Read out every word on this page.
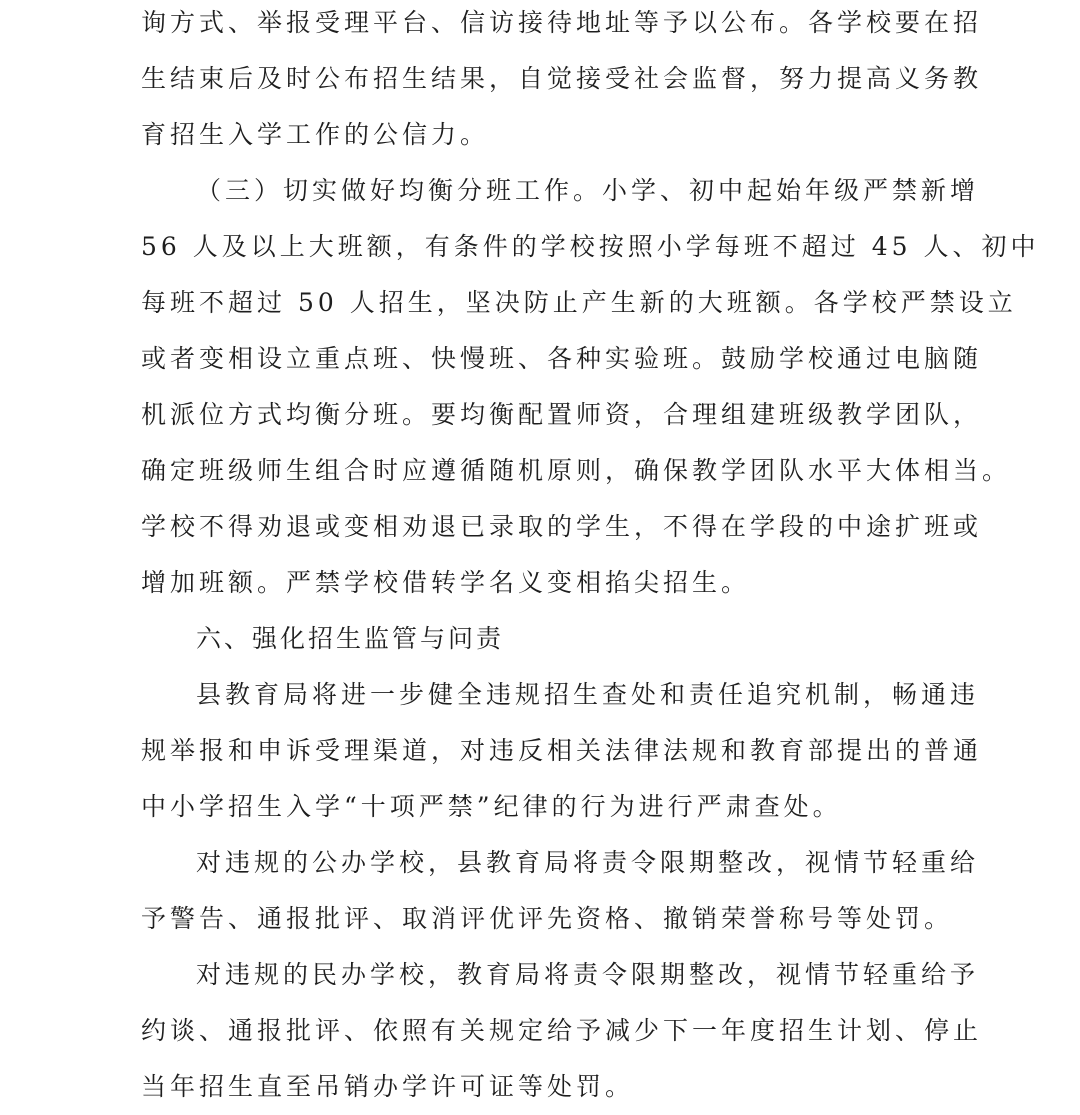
询方式、举报受理平台、信访接待地址等予以公布。各学校要在招
生结束后及时公布招生结果，自觉接受社会监督，努力提高义务教
育招生入学工作的公信力。
（三）切实做好均衡分班工作。小学、初中起始年级严禁新增
56 人及以上大班额，有条件的学校按照小学每班不超过 45 人、初中
每班不超过 50 人招生，坚决防止产生新的大班额。各学校严禁设立
或者变相设立重点班、快慢班、各种实验班。鼓励学校通过电脑随
机派位方式均衡分班。要均衡配置师资，合理组建班级教学团队，
确定班级师生组合时应遵循随机原则，确保教学团队水平大体相当。
学校不得劝退或变相劝退已录取的学生，不得在学段的中途扩班或
增加班额。严禁学校借转学名义变相掐尖招生。
六、强化招生监管与问责
县教育局将进一步健全违规招生查处和责任追究机制，畅通违
规举报和申诉受理渠道，对违反相关法律法规和教育部提出的普通
中小学招生入学“十项严禁”纪律的行为进行严肃查处。
对违规的公办学校，县教育局将责令限期整改，视情节轻重给
予警告、通报批评、取消评优评先资格、撤销荣誉称号等处罚。
对违规的民办学校，教育局将责令限期整改，视情节轻重给予
约谈、通报批评、依照有关规定给予减少下一年度招生计划、停止
当年招生直至吊销办学许可证等处罚。
